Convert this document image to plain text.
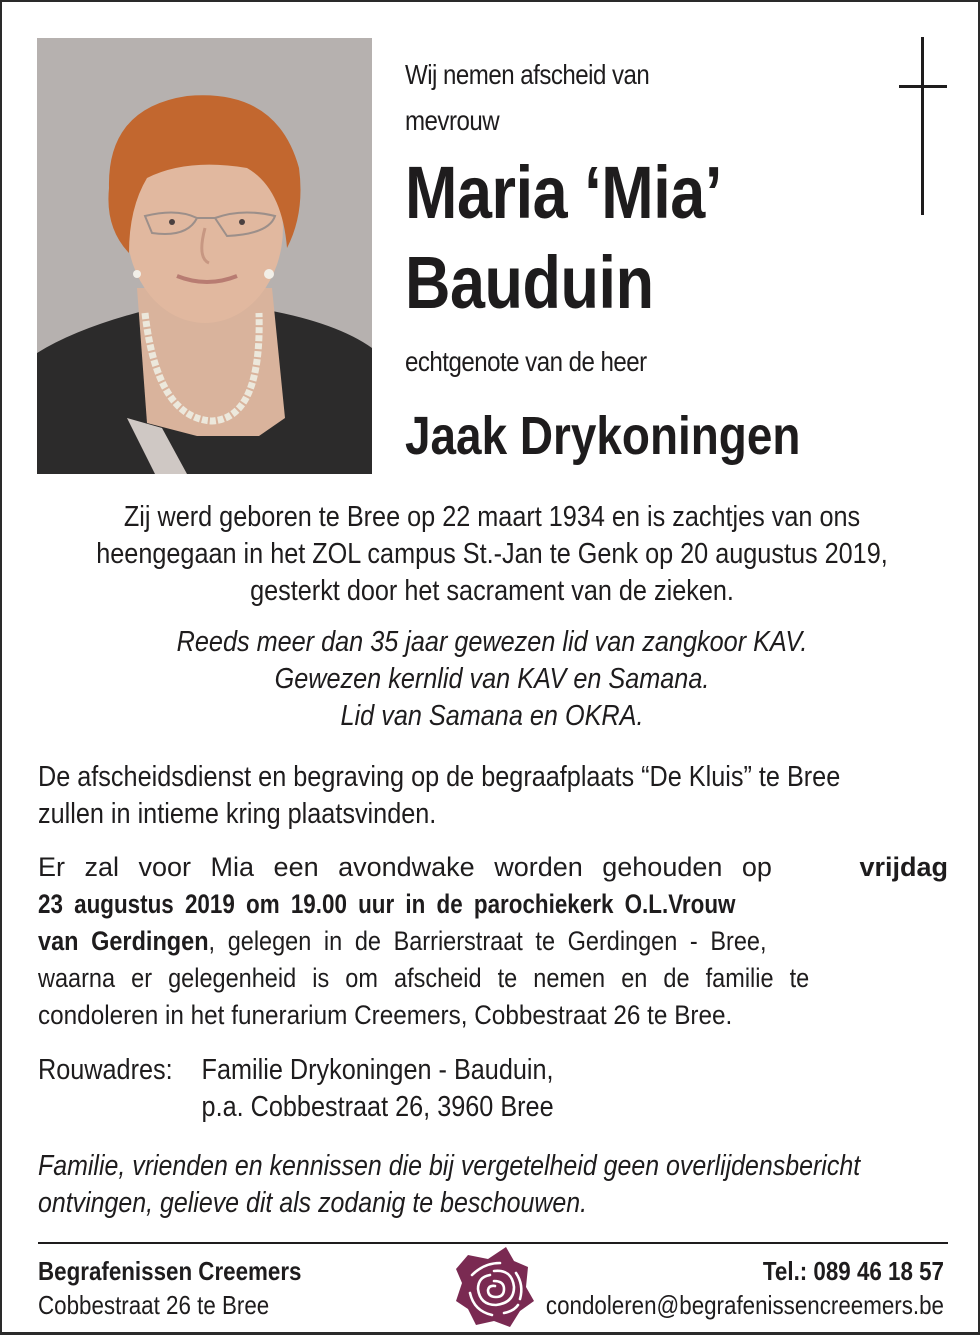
Wij nemen afscheid van
mevrouw
Maria ‘Mia’
Bauduin
echtgenote van de heer
Jaak Drykoningen
Zij werd geboren te Bree op 22 maart 1934 en is zachtjes van ons
heengegaan in het ZOL campus St.-Jan te Genk op 20 augustus 2019,
gesterkt door het sacrament van de zieken.
Reeds meer dan 35 jaar gewezen lid van zangkoor KAV.
Gewezen kernlid van KAV en Samana.
Lid van Samana en OKRA.
De afscheidsdienst en begraving op de begraafplaats “De Kluis” te Bree
zullen in intieme kring plaatsvinden.
Er zal voor Mia een avondwake worden gehouden op	vrijdag
23 augustus 2019 om 19.00 uur in de parochiekerk O.L.Vrouw
van Gerdingen, gelegen in de Barrierstraat te Gerdingen - Bree,
waarna er gelegenheid is om afscheid te nemen en de familie te
condoleren in het funerarium Creemers, Cobbestraat 26 te Bree.
Rouwadres: Familie Drykoningen - Bauduin,
p.a. Cobbestraat 26, 3960 Bree
Familie, vrienden en kennissen die bij vergetelheid geen overlijdensbericht
ontvingen, gelieve dit als zodanig te beschouwen.
Begrafenissen Creemers
Cobbestraat 26 te Bree
Tel.: 089 46 18 57
condoleren@begrafenissencreemers.be
